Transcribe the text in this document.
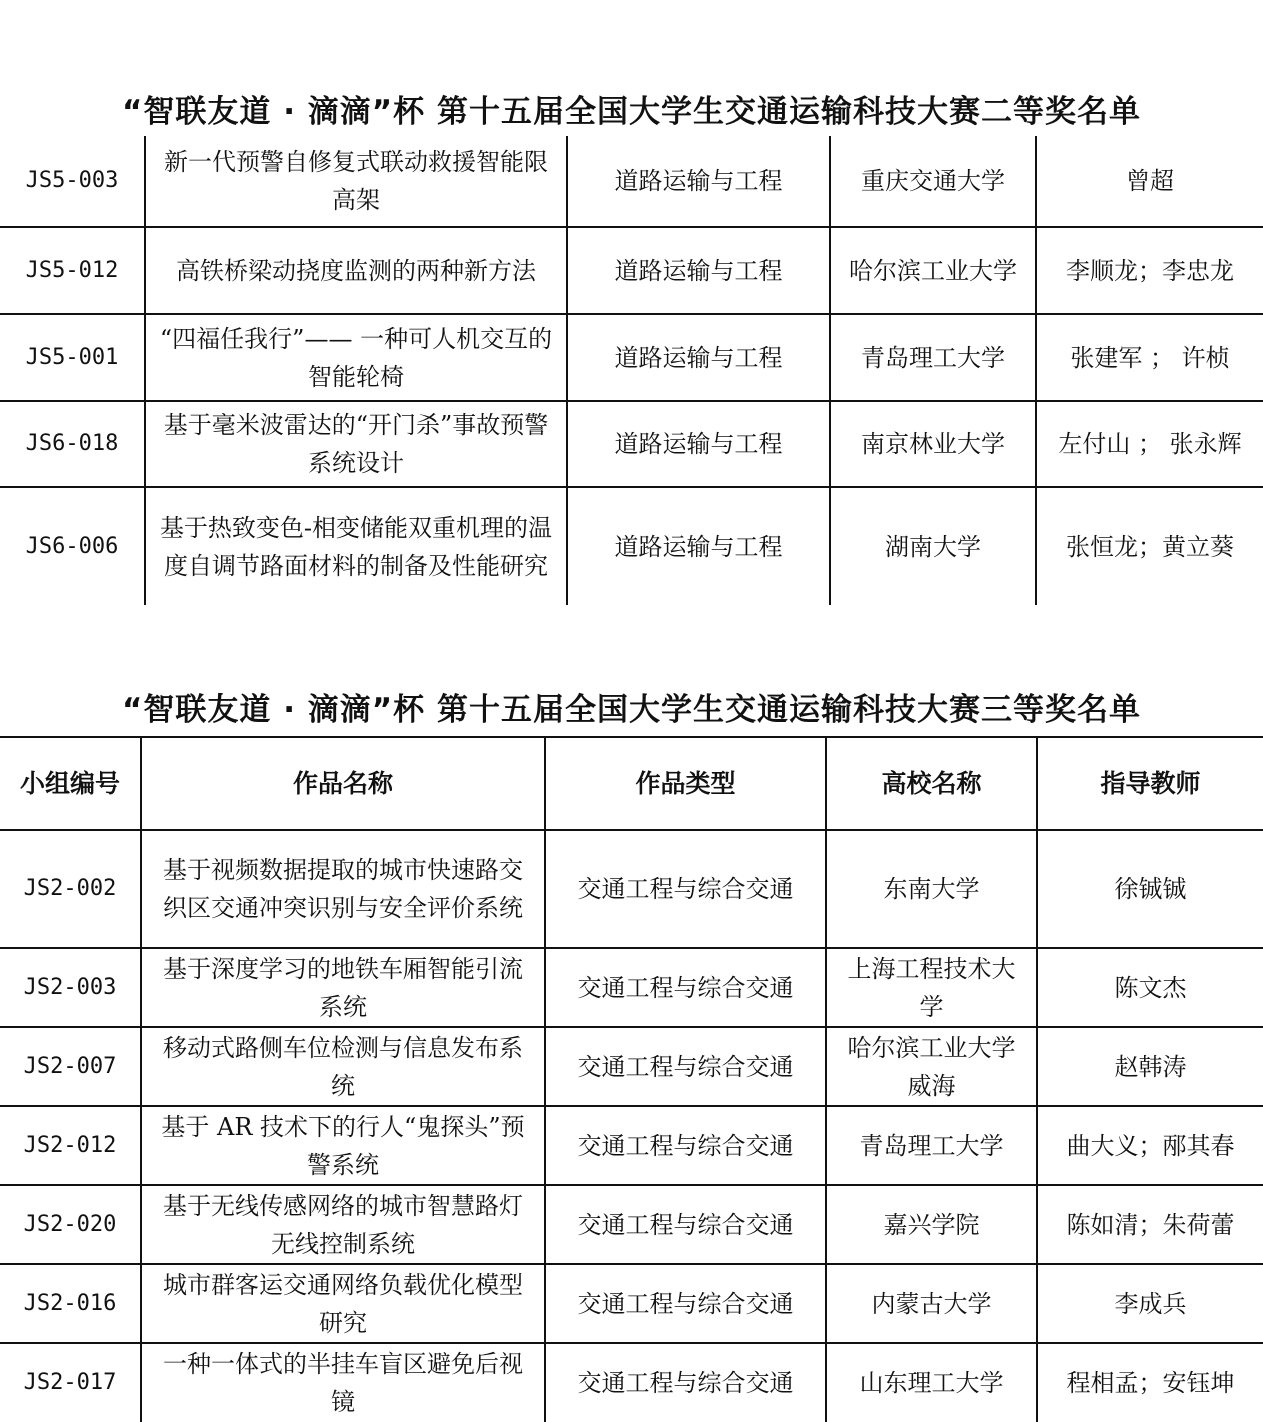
“智联友道 · 滴滴”杯 第十五届全国大学生交通运输科技大赛二等奖名单
JS5-003	新一代预警自修复式联动救援智能限高架	道路运输与工程	重庆交通大学	曾超
JS5-012	高铁桥梁动挠度监测的两种新方法	道路运输与工程	哈尔滨工业大学	李顺龙；李忠龙
JS5-001	“四福任我行”—— 一种可人机交互的智能轮椅	道路运输与工程	青岛理工大学	张建军 ； 许桢
JS6-018	基于毫米波雷达的“开门杀”事故预警系统设计	道路运输与工程	南京林业大学	左付山 ； 张永辉
JS6-006	基于热致变色-相变储能双重机理的温度自调节路面材料的制备及性能研究	道路运输与工程	湖南大学	张恒龙；黄立葵
“智联友道 · 滴滴”杯 第十五届全国大学生交通运输科技大赛三等奖名单
小组编号	作品名称	作品类型	高校名称	指导教师
JS2-002	基于视频数据提取的城市快速路交织区交通冲突识别与安全评价系统	交通工程与综合交通	东南大学	徐铖铖
JS2-003	基于深度学习的地铁车厢智能引流系统	交通工程与综合交通	上海工程技术大学	陈文杰
JS2-007	移动式路侧车位检测与信息发布系统	交通工程与综合交通	哈尔滨工业大学威海	赵韩涛
JS2-012	基于 AR 技术下的行人“鬼探头”预警系统	交通工程与综合交通	青岛理工大学	曲大义；邴其春
JS2-020	基于无线传感网络的城市智慧路灯无线控制系统	交通工程与综合交通	嘉兴学院	陈如清；朱荷蕾
JS2-016	城市群客运交通网络负载优化模型研究	交通工程与综合交通	内蒙古大学	李成兵
JS2-017	一种一体式的半挂车盲区避免后视镜	交通工程与综合交通	山东理工大学	程相孟；安钰坤
